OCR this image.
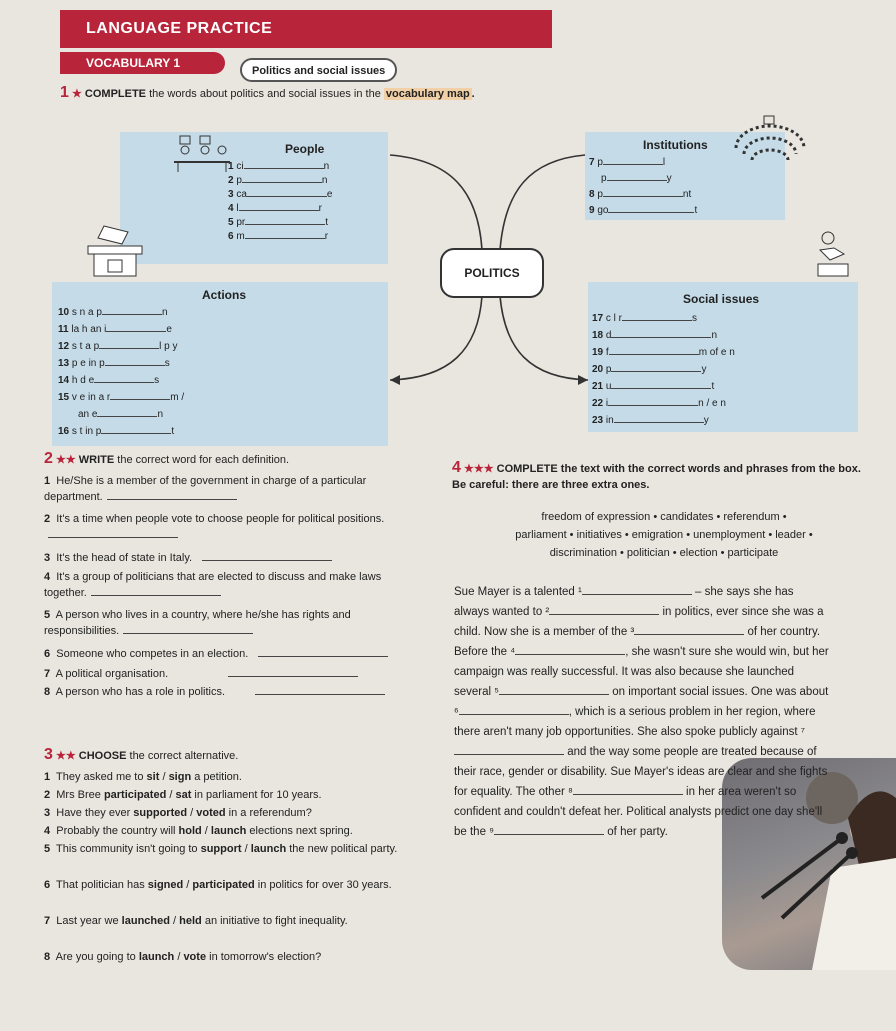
LANGUAGE PRACTICE
VOCABULARY 1
Politics and social issues
1 ★ COMPLETE the words about politics and social issues in the vocabulary map .
People
1 ci	n
2 p	n
3 ca	e
4 l	r
5 pr	t
6 m	r
Institutions
7 p	l
p	y
8 p	nt
9 go	t
POLITICS
Actions
10 s n a p	n
11 la h an i	e
12 s t a p	l p y
13 p e in p	s
14 h d e	s
15 v e in a r	m /
an e	n
16 s t in p	t
Social issues
17 c l r	s
18 d	n
19 f	m of e n
20 p	y
21 u	t
22 i	n / e n
23 in	y
2 ★★ WRITE the correct word for each definition.
1 He/She is a member of the government in charge of a particular department.
2 It's a time when people vote to choose people for political positions.
3 It's the head of state in Italy.
4 It's a group of politicians that are elected to discuss and make laws together.
5 A person who lives in a country, where he/she has rights and responsibilities.
6 Someone who competes in an election.
7 A political organisation.
8 A person who has a role in politics.
3 ★★ CHOOSE the correct alternative.
1 They asked me to sit / sign a petition.
2 Mrs Bree participated / sat in parliament for 10 years.
3 Have they ever supported / voted in a referendum?
4 Probably the country will hold / launch elections next spring.
5 This community isn't going to support / launch the new political party.
6 That politician has signed / participated in politics for over 30 years.
7 Last year we launched / held an initiative to fight inequality.
8 Are you going to launch / vote in tomorrow's election?
4 ★★★ COMPLETE the text with the correct words and phrases from the box. Be careful: there are three extra ones.
freedom of expression • candidates • referendum •
parliament • initiatives • emigration • unemployment • leader •
discrimination • politician • election • participate
Sue Mayer is a talented ¹	– she says she has always wanted to ²	in politics, ever since she was a child. Now she is a member of the ³	of her country. Before the ⁴	, she wasn't sure she would win, but her campaign was really successful. It was also because she launched several ⁵	on important social issues. One was about ⁶	, which is a serious problem in her region, where there aren't many job opportunities. She also spoke publicly against ⁷ and the way some people are treated because of their race, gender or disability. Sue Mayer's ideas are clear and she fights for equality. The other ⁸	in her area weren't so confident and couldn't defeat her. Political analysts predict one day she'll be the ⁹	of her party.
